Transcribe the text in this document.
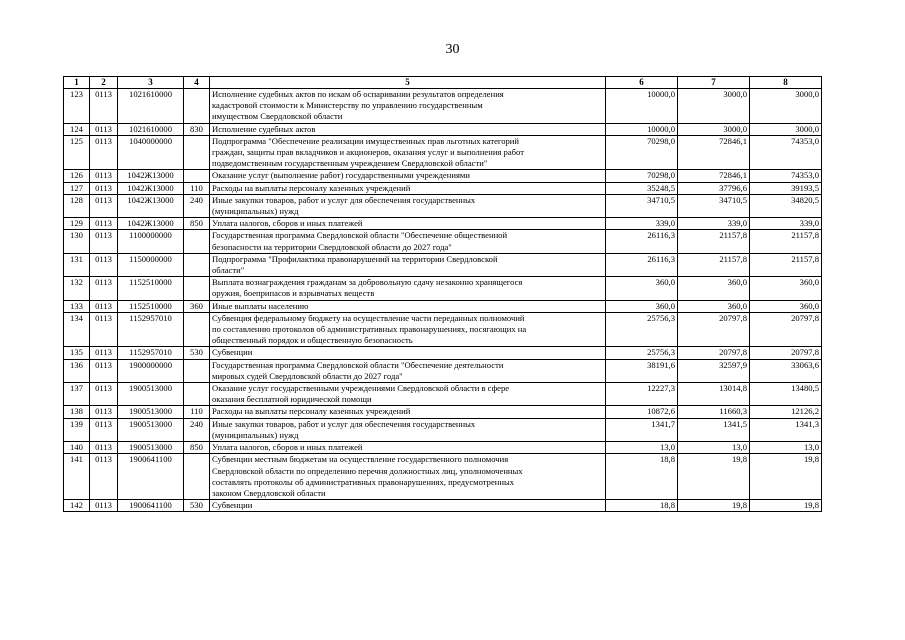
30
1	2	3	4	5	6	7	8
123	0113	1021610000		Исполнение судебных актов по искам об оспаривании результатов определения
кадастровой стоимости к Министерству по управлению государственным
имуществом Свердловской области	10000,0	3000,0	3000,0
124	0113	1021610000	830	Исполнение судебных актов	10000,0	3000,0	3000,0
125	0113	1040000000		Подпрограмма "Обеспечение реализации имущественных прав льготных категорий
граждан, защиты прав вкладчиков и акционеров, оказания услуг и выполнения работ
подведомственным государственным учреждением Свердловской области"	70298,0	72846,1	74353,0
126	0113	1042Ж13000		Оказание услуг (выполнение работ) государственными учреждениями	70298,0	72846,1	74353,0
127	0113	1042Ж13000	110	Расходы на выплаты персоналу казенных учреждений	35248,5	37796,6	39193,5
128	0113	1042Ж13000	240	Иные закупки товаров, работ и услуг для обеспечения государственных
(муниципальных) нужд	34710,5	34710,5	34820,5
129	0113	1042Ж13000	850	Уплата налогов, сборов и иных платежей	339,0	339,0	339,0
130	0113	1100000000		Государственная программа Свердловской области "Обеспечение общественной
безопасности на территории Свердловской области до 2027 года"	26116,3	21157,8	21157,8
131	0113	1150000000		Подпрограмма "Профилактика правонарушений на территории Свердловской
области"	26116,3	21157,8	21157,8
132	0113	1152510000		Выплата вознаграждения гражданам за добровольную сдачу незаконно хранящегося
оружия, боеприпасов и взрывчатых веществ	360,0	360,0	360,0
133	0113	1152510000	360	Иные выплаты населению	360,0	360,0	360,0
134	0113	1152957010		Субвенция федеральному бюджету на осуществление части переданных полномочий
по составлению протоколов об административных правонарушениях, посягающих на
общественный порядок и общественную безопасность	25756,3	20797,8	20797,8
135	0113	1152957010	530	Субвенции	25756,3	20797,8	20797,8
136	0113	1900000000		Государственная программа Свердловской области "Обеспечение деятельности
мировых судей Свердловской области до 2027 года"	38191,6	32597,9	33063,6
137	0113	1900513000		Оказание услуг государственными учреждениями Свердловской области в сфере
оказания бесплатной юридической помощи	12227,3	13014,8	13480,5
138	0113	1900513000	110	Расходы на выплаты персоналу казенных учреждений	10872,6	11660,3	12126,2
139	0113	1900513000	240	Иные закупки товаров, работ и услуг для обеспечения государственных
(муниципальных) нужд	1341,7	1341,5	1341,3
140	0113	1900513000	850	Уплата налогов, сборов и иных платежей	13,0	13,0	13,0
141	0113	1900641100		Субвенции местным бюджетам на осуществление государственного полномочия
Свердловской области по определению перечня должностных лиц, уполномоченных
составлять протоколы об административных правонарушениях, предусмотренных
законом Свердловской области	18,8	19,8	19,8
142	0113	1900641100	530	Субвенции	18,8	19,8	19,8
